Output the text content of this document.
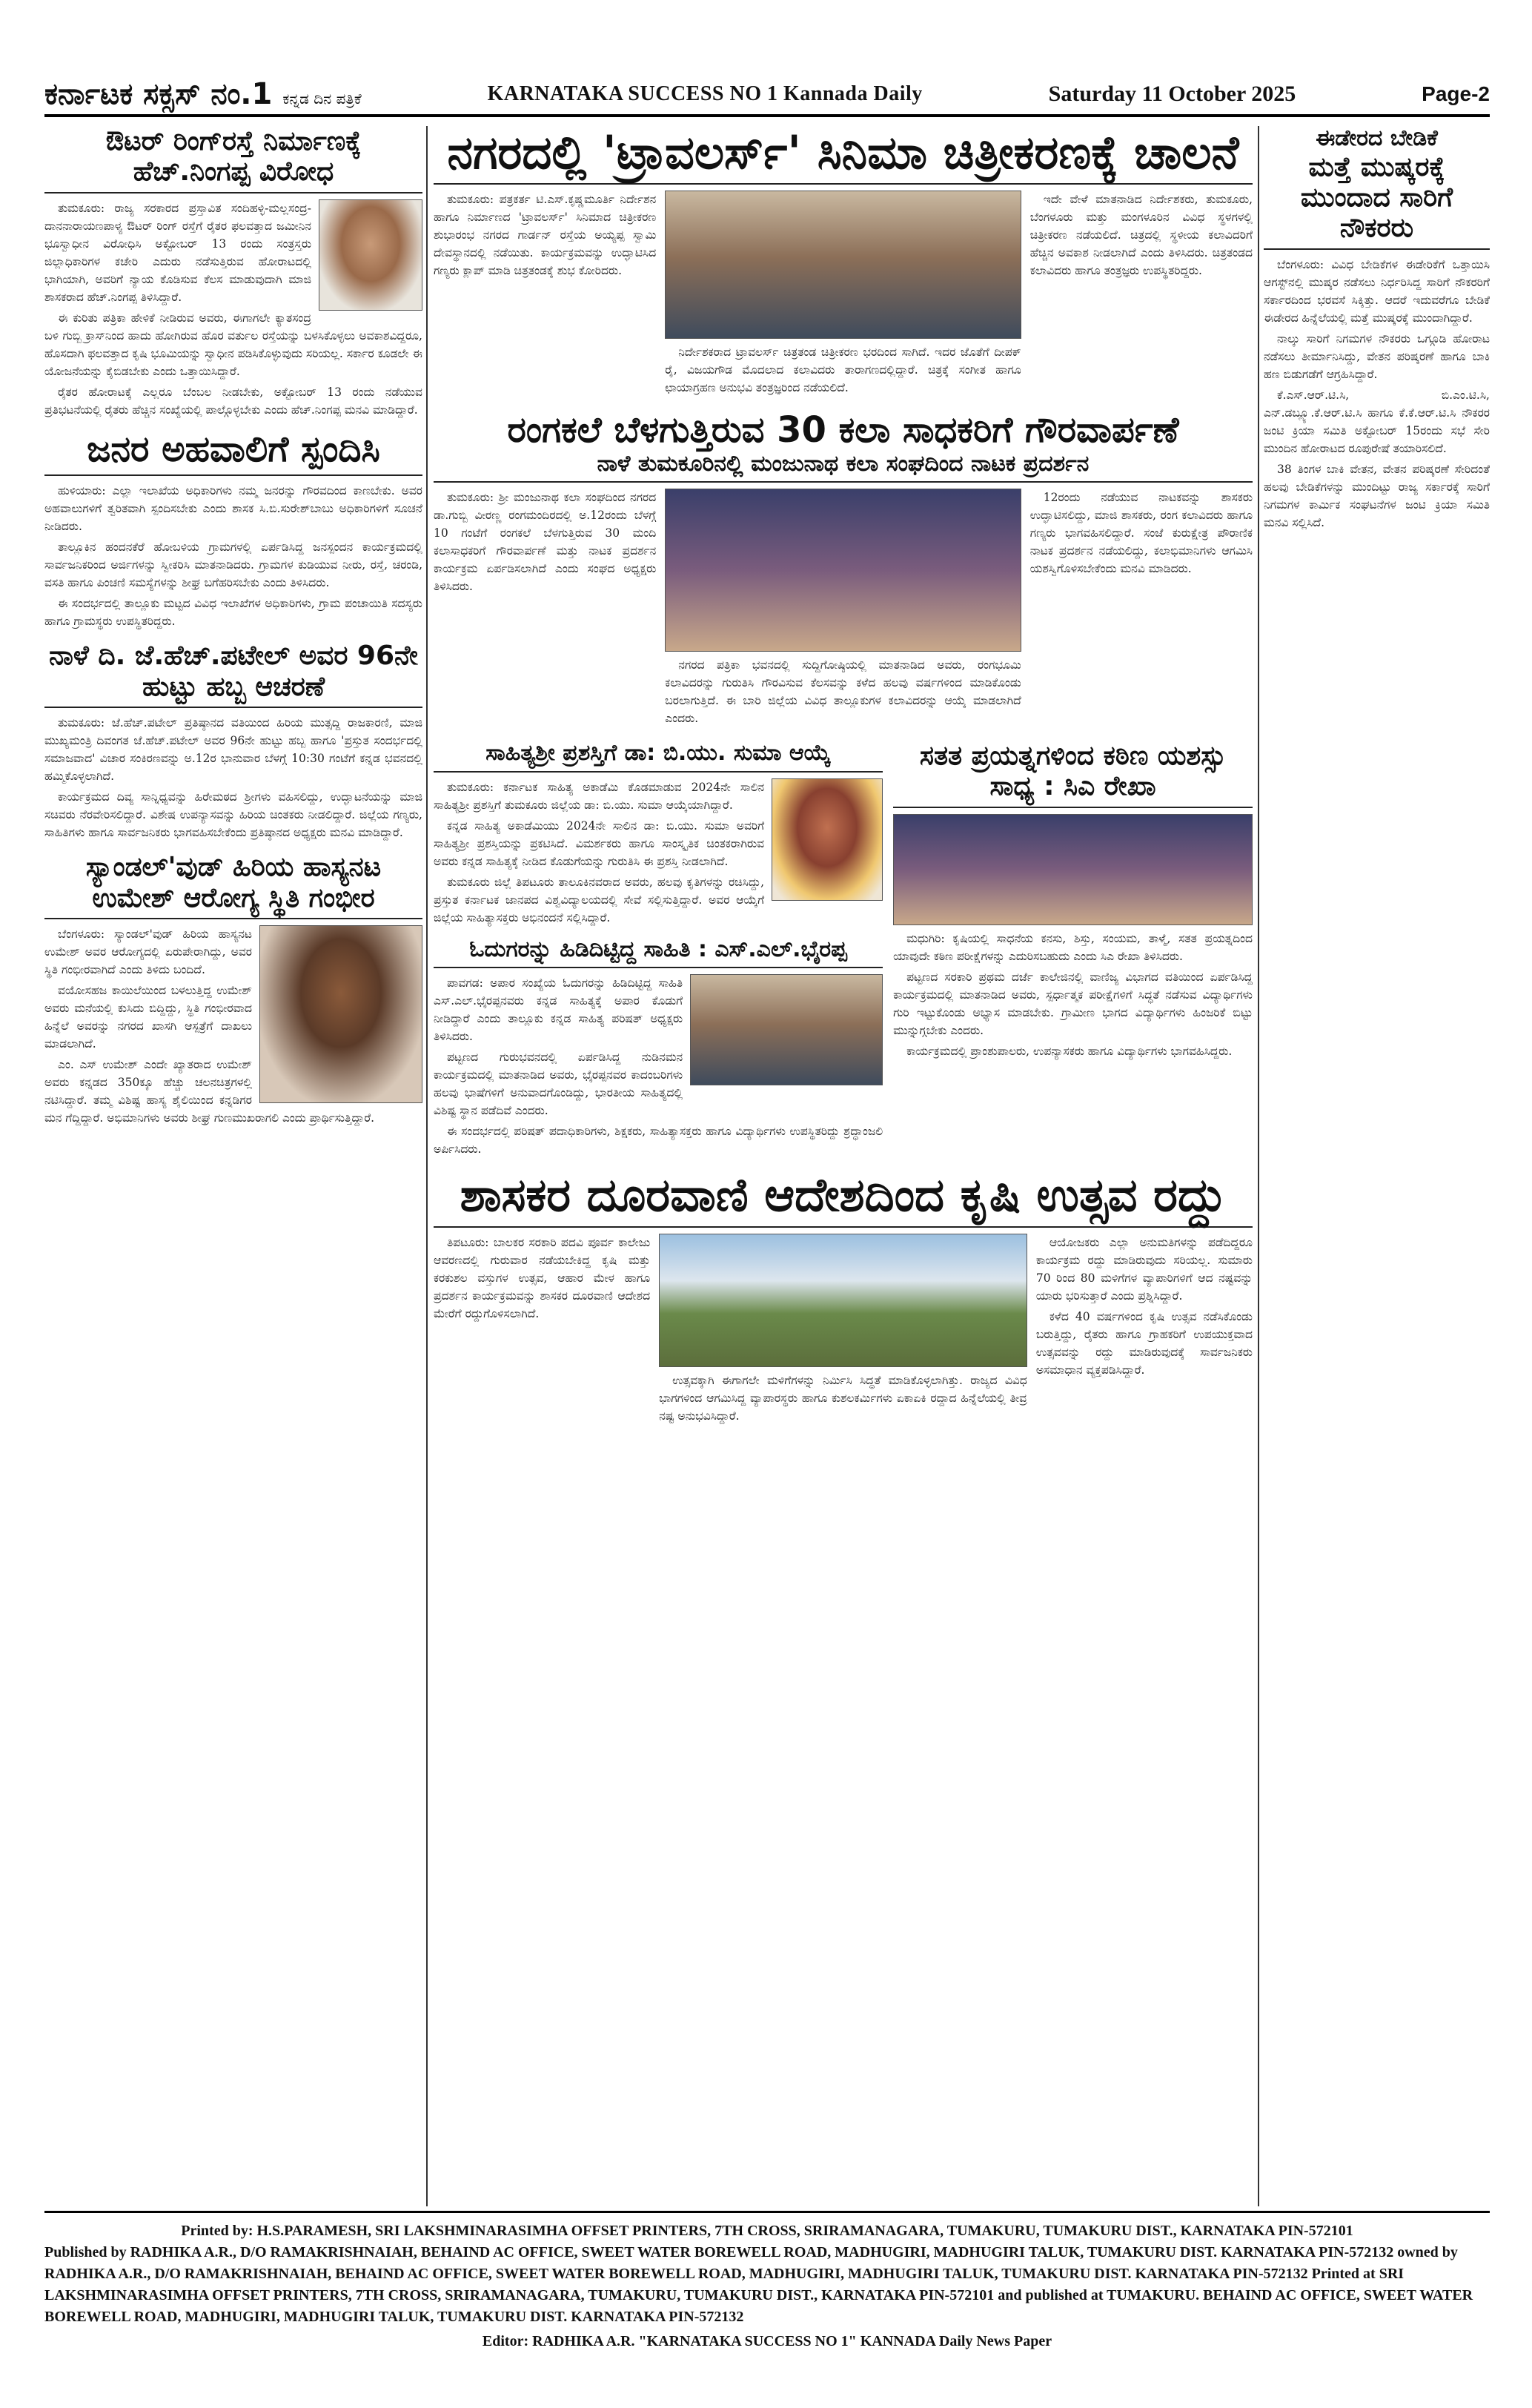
ಕರ್ನಾಟಕ ಸಕ್ಸಸ್ ನಂ.1 ಕನ್ನಡ ದಿನ ಪತ್ರಿಕೆ	KARNATAKA SUCCESS NO 1 Kannada Daily	Saturday 11 October 2025	Page-2
ಔಟರ್ ರಿಂಗ್‌ರಸ್ತೆ ನಿರ್ಮಾಣಕ್ಕೆ ಹೆಚ್.ನಿಂಗಪ್ಪ ವಿರೋಧ

ತುಮಕೂರು: ರಾಜ್ಯ ಸರಕಾರದ ಪ್ರಸ್ತಾವಿತ ಸಂದಿಹಳ್ಳಿ-ಮಲ್ಲಸಂದ್ರ-ದಾನನಾರಾಯಣಪಾಳ್ಯ ಔಟರ್ ರಿಂಗ್ ರಸ್ತೆಗೆ ರೈತರ ಫಲವತ್ತಾದ ಜಮೀನಿನ ಭೂಸ್ವಾಧೀನ ವಿರೋಧಿಸಿ ಅಕ್ಟೋಬರ್ 13 ರಂದು ಸಂತ್ರಸ್ತರು ಜಿಲ್ಲಾಧಿಕಾರಿಗಳ ಕಚೇರಿ ಎದುರು ನಡೆಸುತ್ತಿರುವ ಹೋರಾಟದಲ್ಲಿ ಭಾಗಿಯಾಗಿ, ಅವರಿಗೆ ನ್ಯಾಯ ಕೊಡಿಸುವ ಕೆಲಸ ಮಾಡುವುದಾಗಿ ಮಾಜಿ ಶಾಸಕರಾದ ಹೆಚ್.ನಿಂಗಪ್ಪ ತಿಳಿಸಿದ್ದಾರೆ.

ಈ ಕುರಿತು ಪತ್ರಿಕಾ ಹೇಳಿಕೆ ನೀಡಿರುವ ಅವರು, ಈಗಾಗಲೇ ಕ್ಯಾತಸಂದ್ರ ಬಳಿ ಗುಬ್ಬಿ ಕ್ರಾಸ್‌ನಿಂದ ಹಾದು ಹೋಗಿರುವ ಹೊರ ವರ್ತುಲ ರಸ್ತೆಯನ್ನು ಬಳಸಿಕೊಳ್ಳಲು ಅವಕಾಶವಿದ್ದರೂ, ಹೊಸದಾಗಿ ಫಲವತ್ತಾದ ಕೃಷಿ ಭೂಮಿಯನ್ನು ಸ್ವಾಧೀನ ಪಡಿಸಿಕೊಳ್ಳುವುದು ಸರಿಯಲ್ಲ. ಸರ್ಕಾರ ಕೂಡಲೇ ಈ ಯೋಜನೆಯನ್ನು ಕೈಬಿಡಬೇಕು ಎಂದು ಒತ್ತಾಯಿಸಿದ್ದಾರೆ.

ರೈತರ ಹೋರಾಟಕ್ಕೆ ಎಲ್ಲರೂ ಬೆಂಬಲ ನೀಡಬೇಕು, ಅಕ್ಟೋಬರ್ 13 ರಂದು ನಡೆಯುವ ಪ್ರತಿಭಟನೆಯಲ್ಲಿ ರೈತರು ಹೆಚ್ಚಿನ ಸಂಖ್ಯೆಯಲ್ಲಿ ಪಾಲ್ಗೊಳ್ಳಬೇಕು ಎಂದು ಹೆಚ್.ನಿಂಗಪ್ಪ ಮನವಿ ಮಾಡಿದ್ದಾರೆ.

ಜನರ ಅಹವಾಲಿಗೆ ಸ್ಪಂದಿಸಿ

ಹುಳಿಯಾರು: ಎಲ್ಲಾ ಇಲಾಖೆಯ ಅಧಿಕಾರಿಗಳು ನಮ್ಮ ಜನರನ್ನು ಗೌರವದಿಂದ ಕಾಣಬೇಕು. ಅವರ ಅಹವಾಲುಗಳಿಗೆ ತ್ವರಿತವಾಗಿ ಸ್ಪಂದಿಸಬೇಕು ಎಂದು ಶಾಸಕ ಸಿ.ಬಿ.ಸುರೇಶ್‌ಬಾಬು ಅಧಿಕಾರಿಗಳಿಗೆ ಸೂಚನೆ ನೀಡಿದರು.

ತಾಲ್ಲೂಕಿನ ಹಂದನಕೆರೆ ಹೋಬಳಿಯ ಗ್ರಾಮಗಳಲ್ಲಿ ಏರ್ಪಡಿಸಿದ್ದ ಜನಸ್ಪಂದನ ಕಾರ್ಯಕ್ರಮದಲ್ಲಿ ಸಾರ್ವಜನಿಕರಿಂದ ಅರ್ಜಿಗಳನ್ನು ಸ್ವೀಕರಿಸಿ ಮಾತನಾಡಿದರು. ಗ್ರಾಮಗಳ ಕುಡಿಯುವ ನೀರು, ರಸ್ತೆ, ಚರಂಡಿ, ವಸತಿ ಹಾಗೂ ಪಿಂಚಣಿ ಸಮಸ್ಯೆಗಳನ್ನು ಶೀಘ್ರ ಬಗೆಹರಿಸಬೇಕು ಎಂದು ತಿಳಿಸಿದರು.

ಈ ಸಂದರ್ಭದಲ್ಲಿ ತಾಲ್ಲೂಕು ಮಟ್ಟದ ವಿವಿಧ ಇಲಾಖೆಗಳ ಅಧಿಕಾರಿಗಳು, ಗ್ರಾಮ ಪಂಚಾಯಿತಿ ಸದಸ್ಯರು ಹಾಗೂ ಗ್ರಾಮಸ್ಥರು ಉಪಸ್ಥಿತರಿದ್ದರು.

ನಾಳೆ ದಿ. ಜೆ.ಹೆಚ್.ಪಟೇಲ್ ಅವರ 96ನೇ ಹುಟ್ಟು ಹಬ್ಬ ಆಚರಣೆ

ತುಮಕೂರು: ಜೆ.ಹೆಚ್.ಪಟೇಲ್ ಪ್ರತಿಷ್ಠಾನದ ವತಿಯಿಂದ ಹಿರಿಯ ಮುತ್ಸದ್ದಿ ರಾಜಕಾರಣಿ, ಮಾಜಿ ಮುಖ್ಯಮಂತ್ರಿ ದಿವಂಗತ ಜೆ.ಹೆಚ್.ಪಟೇಲ್ ಅವರ 96ನೇ ಹುಟ್ಟು ಹಬ್ಬ ಹಾಗೂ 'ಪ್ರಸ್ತುತ ಸಂದರ್ಭದಲ್ಲಿ ಸಮಾಜವಾದ' ವಿಚಾರ ಸಂಕಿರಣವನ್ನು ಅ.12ರ ಭಾನುವಾರ ಬೆಳಗ್ಗೆ 10:30 ಗಂಟೆಗೆ ಕನ್ನಡ ಭವನದಲ್ಲಿ ಹಮ್ಮಿಕೊಳ್ಳಲಾಗಿದೆ.

ಕಾರ್ಯಕ್ರಮದ ದಿವ್ಯ ಸಾನ್ನಿಧ್ಯವನ್ನು ಹಿರೇಮಠದ ಶ್ರೀಗಳು ವಹಿಸಲಿದ್ದು, ಉದ್ಘಾಟನೆಯನ್ನು ಮಾಜಿ ಸಚಿವರು ನೆರವೇರಿಸಲಿದ್ದಾರೆ. ವಿಶೇಷ ಉಪನ್ಯಾಸವನ್ನು ಹಿರಿಯ ಚಿಂತಕರು ನೀಡಲಿದ್ದಾರೆ. ಜಿಲ್ಲೆಯ ಗಣ್ಯರು, ಸಾಹಿತಿಗಳು ಹಾಗೂ ಸಾರ್ವಜನಿಕರು ಭಾಗವಹಿಸಬೇಕೆಂದು ಪ್ರತಿಷ್ಠಾನದ ಅಧ್ಯಕ್ಷರು ಮನವಿ ಮಾಡಿದ್ದಾರೆ.

ಸ್ಯಾಂಡಲ್'ವುಡ್ ಹಿರಿಯ ಹಾಸ್ಯನಟ ಉಮೇಶ್ ಆರೋಗ್ಯ ಸ್ಥಿತಿ ಗಂಭೀರ

ಬೆಂಗಳೂರು: ಸ್ಯಾಂಡಲ್'ವುಡ್ ಹಿರಿಯ ಹಾಸ್ಯನಟ ಉಮೇಶ್ ಅವರ ಆರೋಗ್ಯದಲ್ಲಿ ಏರುಪೇರಾಗಿದ್ದು, ಅವರ ಸ್ಥಿತಿ ಗಂಭೀರವಾಗಿದೆ ಎಂದು ತಿಳಿದು ಬಂದಿದೆ.

ವಯೋಸಹಜ ಕಾಯಿಲೆಯಿಂದ ಬಳಲುತ್ತಿದ್ದ ಉಮೇಶ್ ಅವರು ಮನೆಯಲ್ಲಿ ಕುಸಿದು ಬಿದ್ದಿದ್ದು, ಸ್ಥಿತಿ ಗಂಭೀರವಾದ ಹಿನ್ನೆಲೆ ಅವರನ್ನು ನಗರದ ಖಾಸಗಿ ಆಸ್ಪತ್ರೆಗೆ ದಾಖಲು ಮಾಡಲಾಗಿದೆ.

ಎಂ. ಎಸ್ ಉಮೇಶ್ ಎಂದೇ ಖ್ಯಾತರಾದ ಉಮೇಶ್ ಅವರು ಕನ್ನಡದ 350ಕ್ಕೂ ಹೆಚ್ಚು ಚಲನಚಿತ್ರಗಳಲ್ಲಿ ನಟಿಸಿದ್ದಾರೆ. ತಮ್ಮ ವಿಶಿಷ್ಟ ಹಾಸ್ಯ ಶೈಲಿಯಿಂದ ಕನ್ನಡಿಗರ ಮನ ಗೆದ್ದಿದ್ದಾರೆ. ಅಭಿಮಾನಿಗಳು ಅವರು ಶೀಘ್ರ ಗುಣಮುಖರಾಗಲಿ ಎಂದು ಪ್ರಾರ್ಥಿಸುತ್ತಿದ್ದಾರೆ.

ನಗರದಲ್ಲಿ 'ಟ್ರಾವಲರ್ಸ್' ಸಿನಿಮಾ ಚಿತ್ರೀಕರಣಕ್ಕೆ ಚಾಲನೆ

ತುಮಕೂರು: ಪತ್ರಕರ್ತ ಟಿ.ಎಸ್.ಕೃಷ್ಣಮೂರ್ತಿ ನಿರ್ದೇಶನ ಹಾಗೂ ನಿರ್ಮಾಣದ 'ಟ್ರಾವಲರ್ಸ್' ಸಿನಿಮಾದ ಚಿತ್ರೀಕರಣ ಶುಭಾರಂಭ ನಗರದ ಗಾರ್ಡನ್ ರಸ್ತೆಯ ಅಯ್ಯಪ್ಪ ಸ್ವಾಮಿ ದೇವಸ್ಥಾನದಲ್ಲಿ ನಡೆಯಿತು. ಕಾರ್ಯಕ್ರಮವನ್ನು ಉದ್ಘಾಟಿಸಿದ ಗಣ್ಯರು ಕ್ಲಾಪ್ ಮಾಡಿ ಚಿತ್ರತಂಡಕ್ಕೆ ಶುಭ ಕೋರಿದರು.

ನಿರ್ದೇಶಕರಾದ ಟ್ರಾವಲರ್ಸ್ ಚಿತ್ರತಂಡ ಚಿತ್ರೀಕರಣ ಭರದಿಂದ ಸಾಗಿದೆ. ಇದರ ಜೊತೆಗೆ ದೀಪಕ್ ರೈ, ವಿಜಯಗೌಡ ಮೊದಲಾದ ಕಲಾವಿದರು ತಾರಾಗಣದಲ್ಲಿದ್ದಾರೆ. ಚಿತ್ರಕ್ಕೆ ಸಂಗೀತ ಹಾಗೂ ಛಾಯಾಗ್ರಹಣ ಅನುಭವಿ ತಂತ್ರಜ್ಞರಿಂದ ನಡೆಯಲಿದೆ.

ಇದೇ ವೇಳೆ ಮಾತನಾಡಿದ ನಿರ್ದೇಶಕರು, ತುಮಕೂರು, ಬೆಂಗಳೂರು ಮತ್ತು ಮಂಗಳೂರಿನ ವಿವಿಧ ಸ್ಥಳಗಳಲ್ಲಿ ಚಿತ್ರೀಕರಣ ನಡೆಯಲಿದೆ. ಚಿತ್ರದಲ್ಲಿ ಸ್ಥಳೀಯ ಕಲಾವಿದರಿಗೆ ಹೆಚ್ಚಿನ ಅವಕಾಶ ನೀಡಲಾಗಿದೆ ಎಂದು ತಿಳಿಸಿದರು. ಚಿತ್ರತಂಡದ ಕಲಾವಿದರು ಹಾಗೂ ತಂತ್ರಜ್ಞರು ಉಪಸ್ಥಿತರಿದ್ದರು.

ರಂಗಕಲೆ ಬೆಳಗುತ್ತಿರುವ 30 ಕಲಾ ಸಾಧಕರಿಗೆ ಗೌರವಾರ್ಪಣೆ
ನಾಳೆ ತುಮಕೂರಿನಲ್ಲಿ ಮಂಜುನಾಥ ಕಲಾ ಸಂಘದಿಂದ ನಾಟಕ ಪ್ರದರ್ಶನ

ತುಮಕೂರು: ಶ್ರೀ ಮಂಜುನಾಥ ಕಲಾ ಸಂಘದಿಂದ ನಗರದ ಡಾ.ಗುಬ್ಬಿ ವೀರಣ್ಣ ರಂಗಮಂದಿರದಲ್ಲಿ ಅ.12ರಂದು ಬೆಳಗ್ಗೆ 10 ಗಂಟೆಗೆ ರಂಗಕಲೆ ಬೆಳಗುತ್ತಿರುವ 30 ಮಂದಿ ಕಲಾಸಾಧಕರಿಗೆ ಗೌರವಾರ್ಪಣೆ ಮತ್ತು ನಾಟಕ ಪ್ರದರ್ಶನ ಕಾರ್ಯಕ್ರಮ ಏರ್ಪಡಿಸಲಾಗಿದೆ ಎಂದು ಸಂಘದ ಅಧ್ಯಕ್ಷರು ತಿಳಿಸಿದರು.

ನಗರದ ಪತ್ರಿಕಾ ಭವನದಲ್ಲಿ ಸುದ್ದಿಗೋಷ್ಠಿಯಲ್ಲಿ ಮಾತನಾಡಿದ ಅವರು, ರಂಗಭೂಮಿ ಕಲಾವಿದರನ್ನು ಗುರುತಿಸಿ ಗೌರವಿಸುವ ಕೆಲಸವನ್ನು ಕಳೆದ ಹಲವು ವರ್ಷಗಳಿಂದ ಮಾಡಿಕೊಂಡು ಬರಲಾಗುತ್ತಿದೆ. ಈ ಬಾರಿ ಜಿಲ್ಲೆಯ ವಿವಿಧ ತಾಲ್ಲೂಕುಗಳ ಕಲಾವಿದರನ್ನು ಆಯ್ಕೆ ಮಾಡಲಾಗಿದೆ ಎಂದರು.

12ರಂದು ನಡೆಯುವ ನಾಟಕವನ್ನು ಶಾಸಕರು ಉದ್ಘಾಟಿಸಲಿದ್ದು, ಮಾಜಿ ಶಾಸಕರು, ರಂಗ ಕಲಾವಿದರು ಹಾಗೂ ಗಣ್ಯರು ಭಾಗವಹಿಸಲಿದ್ದಾರೆ. ಸಂಜೆ ಕುರುಕ್ಷೇತ್ರ ಪೌರಾಣಿಕ ನಾಟಕ ಪ್ರದರ್ಶನ ನಡೆಯಲಿದ್ದು, ಕಲಾಭಿಮಾನಿಗಳು ಆಗಮಿಸಿ ಯಶಸ್ವಿಗೊಳಿಸಬೇಕೆಂದು ಮನವಿ ಮಾಡಿದರು.

ಸಾಹಿತ್ಯಶ್ರೀ ಪ್ರಶಸ್ತಿಗೆ ಡಾ: ಬಿ.ಯು. ಸುಮಾ ಆಯ್ಕೆ

ತುಮಕೂರು: ಕರ್ನಾಟಕ ಸಾಹಿತ್ಯ ಅಕಾಡೆಮಿ ಕೊಡಮಾಡುವ 2024ನೇ ಸಾಲಿನ ಸಾಹಿತ್ಯಶ್ರೀ ಪ್ರಶಸ್ತಿಗೆ ತುಮಕೂರು ಜಿಲ್ಲೆಯ ಡಾ: ಬಿ.ಯು. ಸುಮಾ ಆಯ್ಕೆಯಾಗಿದ್ದಾರೆ.

ಕನ್ನಡ ಸಾಹಿತ್ಯ ಅಕಾಡೆಮಿಯು 2024ನೇ ಸಾಲಿನ ಡಾ: ಬಿ.ಯು. ಸುಮಾ ಅವರಿಗೆ ಸಾಹಿತ್ಯಶ್ರೀ ಪ್ರಶಸ್ತಿಯನ್ನು ಪ್ರಕಟಿಸಿದೆ. ವಿಮರ್ಶಕರು ಹಾಗೂ ಸಾಂಸ್ಕೃತಿಕ ಚಿಂತಕರಾಗಿರುವ ಅವರು ಕನ್ನಡ ಸಾಹಿತ್ಯಕ್ಕೆ ನೀಡಿದ ಕೊಡುಗೆಯನ್ನು ಗುರುತಿಸಿ ಈ ಪ್ರಶಸ್ತಿ ನೀಡಲಾಗಿದೆ.

ತುಮಕೂರು ಜಿಲ್ಲೆ ತಿಪಟೂರು ತಾಲೂಕಿನವರಾದ ಅವರು, ಹಲವು ಕೃತಿಗಳನ್ನು ರಚಿಸಿದ್ದು, ಪ್ರಸ್ತುತ ಕರ್ನಾಟಕ ಜಾನಪದ ವಿಶ್ವವಿದ್ಯಾಲಯದಲ್ಲಿ ಸೇವೆ ಸಲ್ಲಿಸುತ್ತಿದ್ದಾರೆ. ಅವರ ಆಯ್ಕೆಗೆ ಜಿಲ್ಲೆಯ ಸಾಹಿತ್ಯಾಸಕ್ತರು ಅಭಿನಂದನೆ ಸಲ್ಲಿಸಿದ್ದಾರೆ.

ಓದುಗರನ್ನು ಹಿಡಿದಿಟ್ಟಿದ್ದ ಸಾಹಿತಿ : ಎಸ್.ಎಲ್.ಭೈರಪ್ಪ

ಪಾವಗಡ: ಅಪಾರ ಸಂಖ್ಯೆಯ ಓದುಗರನ್ನು ಹಿಡಿದಿಟ್ಟಿದ್ದ ಸಾಹಿತಿ ಎಸ್.ಎಲ್.ಭೈರಪ್ಪನವರು ಕನ್ನಡ ಸಾಹಿತ್ಯಕ್ಕೆ ಅಪಾರ ಕೊಡುಗೆ ನೀಡಿದ್ದಾರೆ ಎಂದು ತಾಲ್ಲೂಕು ಕನ್ನಡ ಸಾಹಿತ್ಯ ಪರಿಷತ್ ಅಧ್ಯಕ್ಷರು ತಿಳಿಸಿದರು.

ಪಟ್ಟಣದ ಗುರುಭವನದಲ್ಲಿ ಏರ್ಪಡಿಸಿದ್ದ ನುಡಿನಮನ ಕಾರ್ಯಕ್ರಮದಲ್ಲಿ ಮಾತನಾಡಿದ ಅವರು, ಭೈರಪ್ಪನವರ ಕಾದಂಬರಿಗಳು ಹಲವು ಭಾಷೆಗಳಿಗೆ ಅನುವಾದಗೊಂಡಿದ್ದು, ಭಾರತೀಯ ಸಾಹಿತ್ಯದಲ್ಲಿ ವಿಶಿಷ್ಟ ಸ್ಥಾನ ಪಡೆದಿವೆ ಎಂದರು.

ಈ ಸಂದರ್ಭದಲ್ಲಿ ಪರಿಷತ್ ಪದಾಧಿಕಾರಿಗಳು, ಶಿಕ್ಷಕರು, ಸಾಹಿತ್ಯಾಸಕ್ತರು ಹಾಗೂ ವಿದ್ಯಾರ್ಥಿಗಳು ಉಪಸ್ಥಿತರಿದ್ದು ಶ್ರದ್ಧಾಂಜಲಿ ಅರ್ಪಿಸಿದರು.

ಸತತ ಪ್ರಯತ್ನಗಳಿಂದ ಕಠಿಣ ಯಶಸ್ಸು ಸಾಧ್ಯ : ಸಿಎ ರೇಖಾ

ಮಧುಗಿರಿ: ಕೃಷಿಯಲ್ಲಿ ಸಾಧನೆಯ ಕನಸು, ಶಿಸ್ತು, ಸಂಯಮ, ತಾಳ್ಮೆ, ಸತತ ಪ್ರಯತ್ನದಿಂದ ಯಾವುದೇ ಕಠಿಣ ಪರೀಕ್ಷೆಗಳನ್ನು ಎದುರಿಸಬಹುದು ಎಂದು ಸಿಎ ರೇಖಾ ತಿಳಿಸಿದರು.

ಪಟ್ಟಣದ ಸರಕಾರಿ ಪ್ರಥಮ ದರ್ಜೆ ಕಾಲೇಜಿನಲ್ಲಿ ವಾಣಿಜ್ಯ ವಿಭಾಗದ ವತಿಯಿಂದ ಏರ್ಪಡಿಸಿದ್ದ ಕಾರ್ಯಕ್ರಮದಲ್ಲಿ ಮಾತನಾಡಿದ ಅವರು, ಸ್ಪರ್ಧಾತ್ಮಕ ಪರೀಕ್ಷೆಗಳಿಗೆ ಸಿದ್ಧತೆ ನಡೆಸುವ ವಿದ್ಯಾರ್ಥಿಗಳು ಗುರಿ ಇಟ್ಟುಕೊಂಡು ಅಭ್ಯಾಸ ಮಾಡಬೇಕು. ಗ್ರಾಮೀಣ ಭಾಗದ ವಿದ್ಯಾರ್ಥಿಗಳು ಹಿಂಜರಿಕೆ ಬಿಟ್ಟು ಮುನ್ನುಗ್ಗಬೇಕು ಎಂದರು.

ಕಾರ್ಯಕ್ರಮದಲ್ಲಿ ಪ್ರಾಂಶುಪಾಲರು, ಉಪನ್ಯಾಸಕರು ಹಾಗೂ ವಿದ್ಯಾರ್ಥಿಗಳು ಭಾಗವಹಿಸಿದ್ದರು.

ಶಾಸಕರ ದೂರವಾಣಿ ಆದೇಶದಿಂದ ಕೃಷಿ ಉತ್ಸವ ರದ್ದು

ತಿಪಟೂರು: ಬಾಲಕರ ಸರಕಾರಿ ಪದವಿ ಪೂರ್ವ ಕಾಲೇಜು ಆವರಣದಲ್ಲಿ ಗುರುವಾರ ನಡೆಯಬೇಕಿದ್ದ ಕೃಷಿ ಮತ್ತು ಕರಕುಶಲ ವಸ್ತುಗಳ ಉತ್ಸವ, ಆಹಾರ ಮೇಳ ಹಾಗೂ ಪ್ರದರ್ಶನ ಕಾರ್ಯಕ್ರಮವನ್ನು ಶಾಸಕರ ದೂರವಾಣಿ ಆದೇಶದ ಮೇರೆಗೆ ರದ್ದುಗೊಳಿಸಲಾಗಿದೆ.

ಉತ್ಸವಕ್ಕಾಗಿ ಈಗಾಗಲೇ ಮಳಿಗೆಗಳನ್ನು ನಿರ್ಮಿಸಿ ಸಿದ್ಧತೆ ಮಾಡಿಕೊಳ್ಳಲಾಗಿತ್ತು. ರಾಜ್ಯದ ವಿವಿಧ ಭಾಗಗಳಿಂದ ಆಗಮಿಸಿದ್ದ ವ್ಯಾಪಾರಸ್ಥರು ಹಾಗೂ ಕುಶಲಕರ್ಮಿಗಳು ಏಕಾಏಕಿ ರದ್ದಾದ ಹಿನ್ನೆಲೆಯಲ್ಲಿ ತೀವ್ರ ನಷ್ಟ ಅನುಭವಿಸಿದ್ದಾರೆ.

ಆಯೋಜಕರು ಎಲ್ಲಾ ಅನುಮತಿಗಳನ್ನು ಪಡೆದಿದ್ದರೂ ಕಾರ್ಯಕ್ರಮ ರದ್ದು ಮಾಡಿರುವುದು ಸರಿಯಲ್ಲ. ಸುಮಾರು 70 ರಿಂದ 80 ಮಳಿಗೆಗಳ ವ್ಯಾಪಾರಿಗಳಿಗೆ ಆದ ನಷ್ಟವನ್ನು ಯಾರು ಭರಿಸುತ್ತಾರೆ ಎಂದು ಪ್ರಶ್ನಿಸಿದ್ದಾರೆ.

ಕಳೆದ 40 ವರ್ಷಗಳಿಂದ ಕೃಷಿ ಉತ್ಸವ ನಡೆಸಿಕೊಂಡು ಬರುತ್ತಿದ್ದು, ರೈತರು ಹಾಗೂ ಗ್ರಾಹಕರಿಗೆ ಉಪಯುಕ್ತವಾದ ಉತ್ಸವವನ್ನು ರದ್ದು ಮಾಡಿರುವುದಕ್ಕೆ ಸಾರ್ವಜನಿಕರು ಅಸಮಾಧಾನ ವ್ಯಕ್ತಪಡಿಸಿದ್ದಾರೆ.

ಈಡೇರದ ಬೇಡಿಕೆ
ಮತ್ತೆ ಮುಷ್ಕರಕ್ಕೆ ಮುಂದಾದ ಸಾರಿಗೆ ನೌಕರರು

ಬೆಂಗಳೂರು: ವಿವಿಧ ಬೇಡಿಕೆಗಳ ಈಡೇರಿಕೆಗೆ ಒತ್ತಾಯಿಸಿ ಆಗಸ್ಟ್‌ನಲ್ಲಿ ಮುಷ್ಕರ ನಡೆಸಲು ನಿರ್ಧರಿಸಿದ್ದ ಸಾರಿಗೆ ನೌಕರರಿಗೆ ಸರ್ಕಾರದಿಂದ ಭರವಸೆ ಸಿಕ್ಕಿತ್ತು. ಆದರೆ ಇದುವರೆಗೂ ಬೇಡಿಕೆ ಈಡೇರದ ಹಿನ್ನೆಲೆಯಲ್ಲಿ ಮತ್ತೆ ಮುಷ್ಕರಕ್ಕೆ ಮುಂದಾಗಿದ್ದಾರೆ.

ನಾಲ್ಕು ಸಾರಿಗೆ ನಿಗಮಗಳ ನೌಕರರು ಒಗ್ಗೂಡಿ ಹೋರಾಟ ನಡೆಸಲು ತೀರ್ಮಾನಿಸಿದ್ದು, ವೇತನ ಪರಿಷ್ಕರಣೆ ಹಾಗೂ ಬಾಕಿ ಹಣ ಬಿಡುಗಡೆಗೆ ಆಗ್ರಹಿಸಿದ್ದಾರೆ.

ಕೆ.ಎಸ್.ಆರ್.ಟಿ.ಸಿ, ಬಿ.ಎಂ.ಟಿ.ಸಿ, ಎನ್.ಡಬ್ಲ್ಯೂ.ಕೆ.ಆರ್.ಟಿ.ಸಿ ಹಾಗೂ ಕೆ.ಕೆ.ಆರ್.ಟಿ.ಸಿ ನೌಕರರ ಜಂಟಿ ಕ್ರಿಯಾ ಸಮಿತಿ ಅಕ್ಟೋಬರ್ 15ರಂದು ಸಭೆ ಸೇರಿ ಮುಂದಿನ ಹೋರಾಟದ ರೂಪುರೇಷೆ ತಯಾರಿಸಲಿದೆ.

38 ತಿಂಗಳ ಬಾಕಿ ವೇತನ, ವೇತನ ಪರಿಷ್ಕರಣೆ ಸೇರಿದಂತೆ ಹಲವು ಬೇಡಿಕೆಗಳನ್ನು ಮುಂದಿಟ್ಟು ರಾಜ್ಯ ಸರ್ಕಾರಕ್ಕೆ ಸಾರಿಗೆ ನಿಗಮಗಳ ಕಾರ್ಮಿಕ ಸಂಘಟನೆಗಳ ಜಂಟಿ ಕ್ರಿಯಾ ಸಮಿತಿ ಮನವಿ ಸಲ್ಲಿಸಿದೆ.

Printed by: H.S.PARAMESH, SRI LAKSHMINARASIMHA OFFSET PRINTERS, 7TH CROSS, SRIRAMANAGARA, TUMAKURU, TUMAKURU DIST., KARNATAKA PIN-572101
Published by RADHIKA A.R., D/O RAMAKRISHNAIAH, BEHAIND AC OFFICE, SWEET WATER BOREWELL ROAD, MADHUGIRI, MADHUGIRI TALUK, TUMAKURU DIST. KARNATAKA PIN-572132 owned by RADHIKA A.R., D/O RAMAKRISHNAIAH, BEHAIND AC OFFICE, SWEET WATER BOREWELL ROAD, MADHUGIRI, MADHUGIRI TALUK, TUMAKURU DIST. KARNATAKA PIN-572132 Printed at SRI LAKSHMINARASIMHA OFFSET PRINTERS, 7TH CROSS, SRIRAMANAGARA, TUMAKURU, TUMAKURU DIST., KARNATAKA PIN-572101 and published at TUMAKURU. BEHAIND AC OFFICE, SWEET WATER BOREWELL ROAD, MADHUGIRI, MADHUGIRI TALUK, TUMAKURU DIST. KARNATAKA PIN-572132
Editor: RADHIKA A.R. "KARNATAKA SUCCESS NO 1" KANNADA Daily News Paper
